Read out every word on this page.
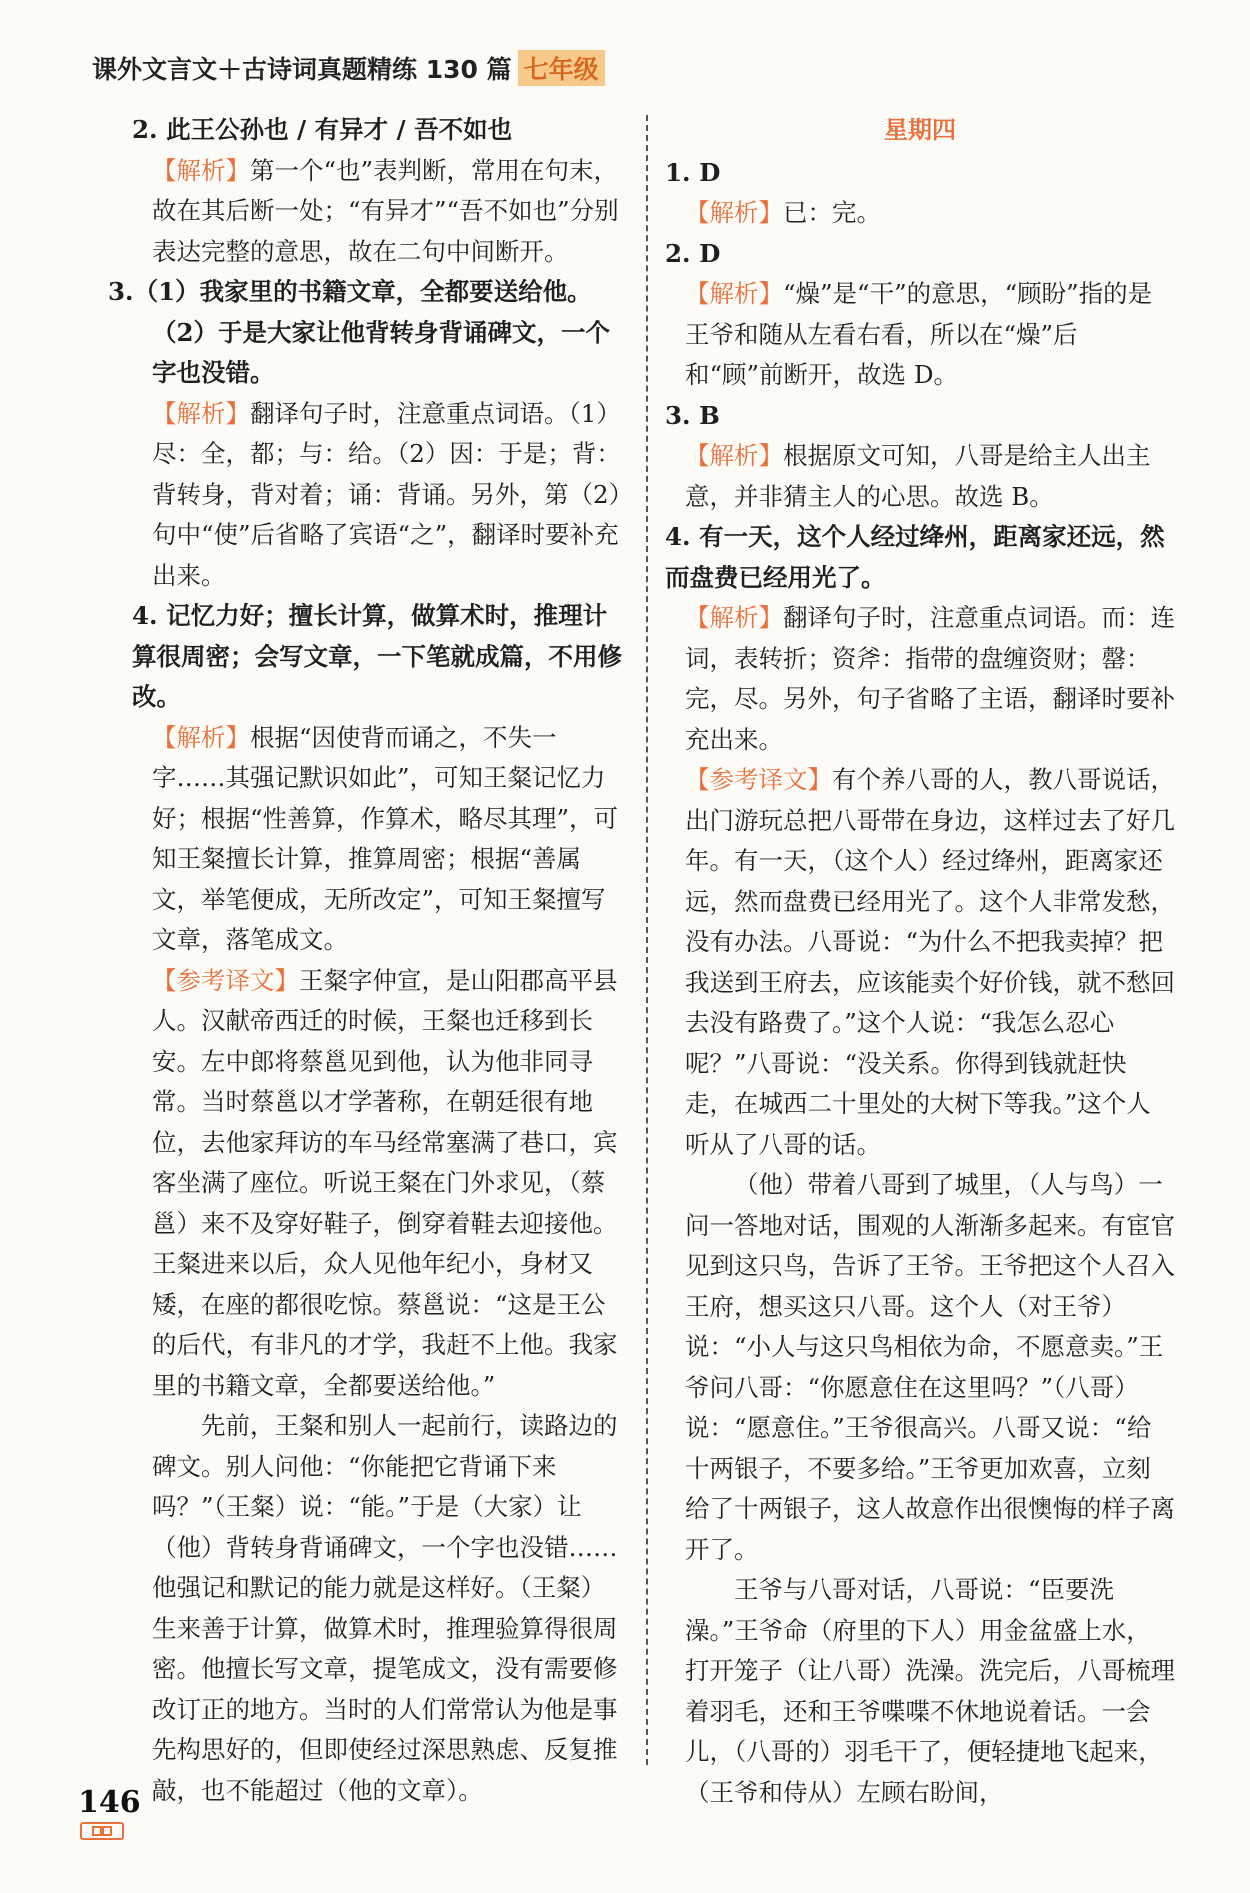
课外文言文＋古诗词真题精练 130 篇 七年级

2. 此王公孙也 / 有异才 / 吾不如也

【解析】第一个“也”表判断，常用在句末，故在其后断一处；“有异才”“吾不如也”分别表达完整的意思，故在二句中间断开。

3.（1）我家里的书籍文章，全都要送给他。

（2）于是大家让他背转身背诵碑文，一个字也没错。

【解析】翻译句子时，注意重点词语。（1）尽：全，都；与：给。（2）因：于是；背：背转身，背对着；诵：背诵。另外，第（2）句中“使”后省略了宾语“之”，翻译时要补充出来。

4. 记忆力好；擅长计算，做算术时，推理计算很周密；会写文章，一下笔就成篇，不用修改。

【解析】根据“因使背而诵之，不失一字……其强记默识如此”，可知王粲记忆力好；根据“性善算，作算术，略尽其理”，可知王粲擅长计算，推算周密；根据“善属文，举笔便成，无所改定”，可知王粲擅写文章，落笔成文。

【参考译文】王粲字仲宣，是山阳郡高平县人。汉献帝西迁的时候，王粲也迁移到长安。左中郎将蔡邕见到他，认为他非同寻常。当时蔡邕以才学著称，在朝廷很有地位，去他家拜访的车马经常塞满了巷口，宾客坐满了座位。听说王粲在门外求见，（蔡邕）来不及穿好鞋子，倒穿着鞋去迎接他。王粲进来以后，众人见他年纪小，身材又矮，在座的都很吃惊。蔡邕说：“这是王公的后代，有非凡的才学，我赶不上他。我家里的书籍文章，全都要送给他。”

先前，王粲和别人一起前行，读路边的碑文。别人问他：“你能把它背诵下来吗？”（王粲）说：“能。”于是（大家）让（他）背转身背诵碑文，一个字也没错……他强记和默记的能力就是这样好。（王粲）生来善于计算，做算术时，推理验算得很周密。他擅长写文章，提笔成文，没有需要修改订正的地方。当时的人们常常认为他是事先构思好的，但即使经过深思熟虑、反复推敲，也不能超过（他的文章）。

星期四

1. D

【解析】已：完。

2. D

【解析】“燥”是“干”的意思，“顾盼”指的是王爷和随从左看右看，所以在“燥”后和“顾”前断开，故选 D。

3. B

【解析】根据原文可知，八哥是给主人出主意，并非猜主人的心思。故选 B。

4. 有一天，这个人经过绛州，距离家还远，然而盘费已经用光了。

【解析】翻译句子时，注意重点词语。而：连词，表转折；资斧：指带的盘缠资财；罄：完，尽。另外，句子省略了主语，翻译时要补充出来。

【参考译文】有个养八哥的人，教八哥说话，出门游玩总把八哥带在身边，这样过去了好几年。有一天，（这个人）经过绛州，距离家还远，然而盘费已经用光了。这个人非常发愁，没有办法。八哥说：“为什么不把我卖掉？把我送到王府去，应该能卖个好价钱，就不愁回去没有路费了。”这个人说：“我怎么忍心呢？”八哥说：“没关系。你得到钱就赶快走，在城西二十里处的大树下等我。”这个人听从了八哥的话。

（他）带着八哥到了城里，（人与鸟）一问一答地对话，围观的人渐渐多起来。有宦官见到这只鸟，告诉了王爷。王爷把这个人召入王府，想买这只八哥。这个人（对王爷）说：“小人与这只鸟相依为命，不愿意卖。”王爷问八哥：“你愿意住在这里吗？”（八哥）说：“愿意住。”王爷很高兴。八哥又说：“给十两银子，不要多给。”王爷更加欢喜，立刻给了十两银子，这人故意作出很懊悔的样子离开了。

王爷与八哥对话，八哥说：“臣要洗澡。”王爷命（府里的下人）用金盆盛上水，打开笼子（让八哥）洗澡。洗完后，八哥梳理着羽毛，还和王爷喋喋不休地说着话。一会儿，（八哥的）羽毛干了，便轻捷地飞起来，（王爷和侍从）左顾右盼间，

146
